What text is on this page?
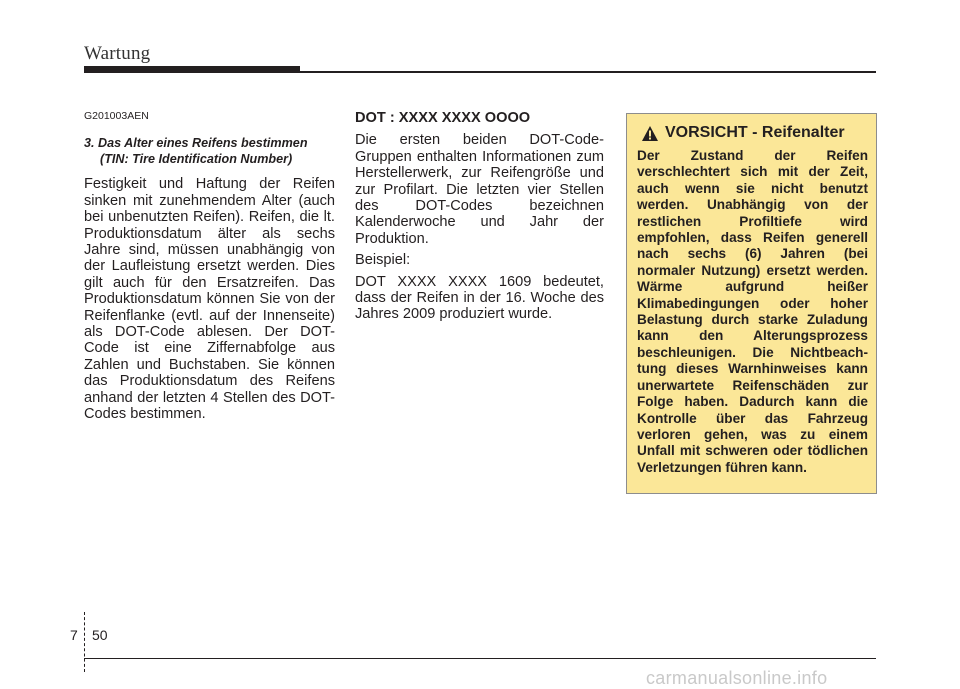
Wartung

G201003AEN

3. Das Alter eines Reifens bestimmen
(TIN: Tire Identification Number)

Festigkeit und Haftung der Reifen sinken mit zunehmendem Alter (auch bei unbenutzten Reifen). Reifen, die lt. Produktionsdatum älter als sechs Jahre sind, müssen unabhängig von der Laufleistung ersetzt werden. Dies gilt auch für den Ersatzreifen. Das Produktionsdatum können Sie von der Reifenflanke (evtl. auf der Innenseite) als DOT-Code ablesen. Der DOT-Code ist eine Ziffernabfolge aus Zahlen und Buchstaben. Sie können das Produktionsdatum des Reifens anhand der letzten 4 Stellen des DOT-Codes bestimmen.

DOT : XXXX XXXX OOOO

Die ersten beiden DOT-Code-Gruppen enthalten Informationen zum Herstellerwerk, zur Reifengröße und zur Profilart. Die letzten vier Stellen des DOT-Codes bezeichnen Kalenderwoche und Jahr der Produktion.

Beispiel:

DOT XXXX XXXX 1609 bedeutet, dass der Reifen in der 16. Woche des Jahres 2009 produziert wurde.

VORSICHT - Reifenalter

Der Zustand der Reifen verschlechtert sich mit der Zeit, auch wenn sie nicht benutzt werden. Unabhängig von der restlichen Profiltiefe wird empfohlen, dass Reifen generell nach sechs (6) Jahren (bei normaler Nutzung) ersetzt werden. Wärme aufgrund heißer Klimabedingungen oder hoher Belastung durch starke Zuladung kann den Alterungsprozess beschleunigen. Die Nichtbeach-tung dieses Warnhinweises kann unerwartete Reifenschäden zur Folge haben. Dadurch kann die Kontrolle über das Fahrzeug verloren gehen, was zu einem Unfall mit schweren oder tödlichen Verletzungen führen kann.

7 50
carmanualsonline.info
